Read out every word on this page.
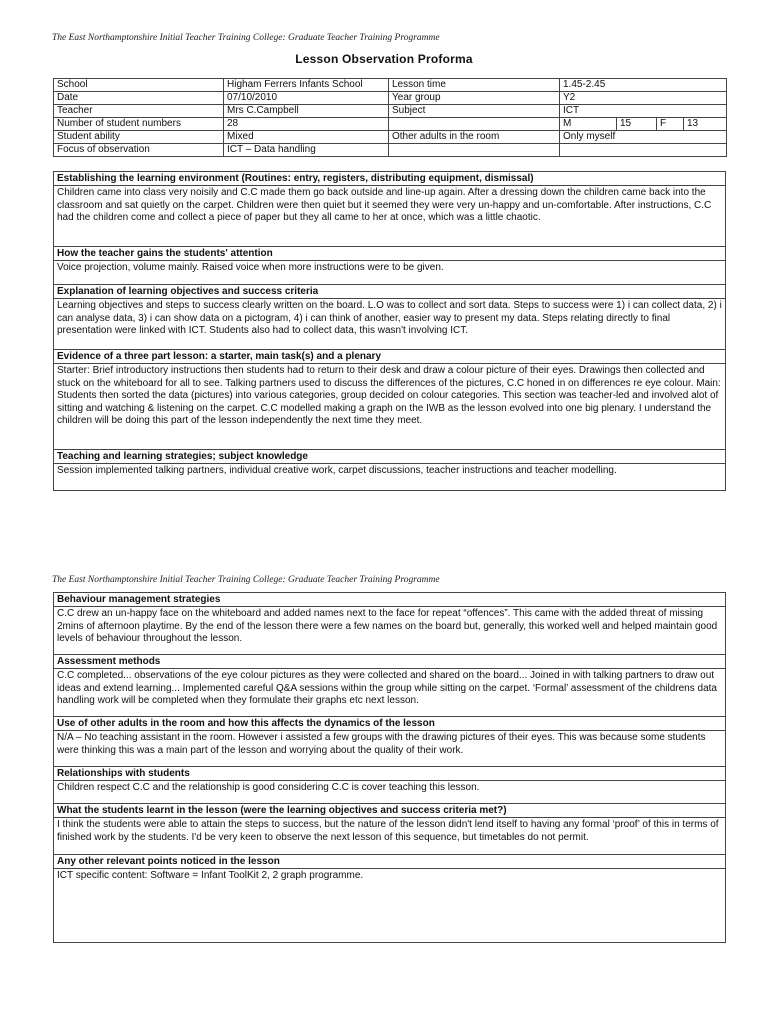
The East Northamptonshire Initial Teacher Training College: Graduate Teacher Training Programme
Lesson Observation Proforma
School	Higham Ferrers Infants School	Lesson time	1.45-2.45			
Date	07/10/2010	Year group	Y2			
Teacher	Mrs C.Campbell	Subject	ICT			
Number of student numbers	28		M	15	F	13
Student ability	Mixed	Other adults in the room	Only myself			
Focus of observation	ICT – Data handling					
Establishing the learning environment (Routines: entry, registers, distributing equipment, dismissal)
Children came into class very noisily and C.C made them go back outside and line-up again. After a dressing down the children came back into the classroom and sat quietly on the carpet. Children were then quiet but it seemed they were very un-happy and un-comfortable. After instructions, C.C had the children come and collect a piece of paper but they all came to her at once, which was a little chaotic.
How the teacher gains the students' attention
Voice projection, volume mainly. Raised voice when more instructions were to be given.
Explanation of learning objectives and success criteria
Learning objectives and steps to success clearly written on the board. L.O was to collect and sort data. Steps to success were 1) i can collect data, 2) i can analyse data, 3) i can show data on a pictogram, 4) i can think of another, easier way to present my data. Steps relating directly to final presentation were linked with ICT. Students also had to collect data, this wasn't involving ICT.
Evidence of a three part lesson: a starter, main task(s) and a plenary
Starter: Brief introductory instructions then students had to return to their desk and draw a colour picture of their eyes. Drawings then collected and stuck on the whiteboard for all to see. Talking partners used to discuss the differences of the pictures, C.C honed in on differences re eye colour. Main: Students then sorted the data (pictures) into various categories, group decided on colour categories. This section was teacher-led and involved alot of sitting and watching & listening on the carpet. C.C modelled making a graph on the IWB as the lesson evolved into one big plenary. I understand the children will be doing this part of the lesson independently the next time they meet.
Teaching and learning strategies; subject knowledge
Session implemented talking partners, individual creative work, carpet discussions, teacher instructions and teacher modelling.
The East Northamptonshire Initial Teacher Training College: Graduate Teacher Training Programme
Behaviour management strategies
C.C drew an un-happy face on the whiteboard and added names next to the face for repeat “offences”. This came with the added threat of missing 2mins of afternoon playtime. By the end of the lesson there were a few names on the board but, generally, this worked well and helped maintain good levels of behaviour throughout the lesson.
Assessment methods
C.C completed... observations of the eye colour pictures as they were collected and shared on the board... Joined in with talking partners to draw out ideas and extend learning... Implemented careful Q&A sessions within the group while sitting on the carpet. ‘Formal’ assessment of the childrens data handling work will be completed when they formulate their graphs etc next lesson.
Use of other adults in the room and how this affects the dynamics of the lesson
N/A – No teaching assistant in the room. However i assisted a few groups with the drawing pictures of their eyes. This was because some students were thinking this was a main part of the lesson and worrying about the quality of their work.
Relationships with students
Children respect C.C and the relationship is good considering C.C is cover teaching this lesson.
What the students learnt in the lesson (were the learning objectives and success criteria met?)
I think the students were able to attain the steps to success, but the nature of the lesson didn't lend itself to having any formal ‘proof’ of this in terms of finished work by the students. I'd be very keen to observe the next lesson of this sequence, but timetables do not permit.
Any other relevant points noticed in the lesson
ICT specific content: Software = Infant ToolKit 2, 2 graph programme.
